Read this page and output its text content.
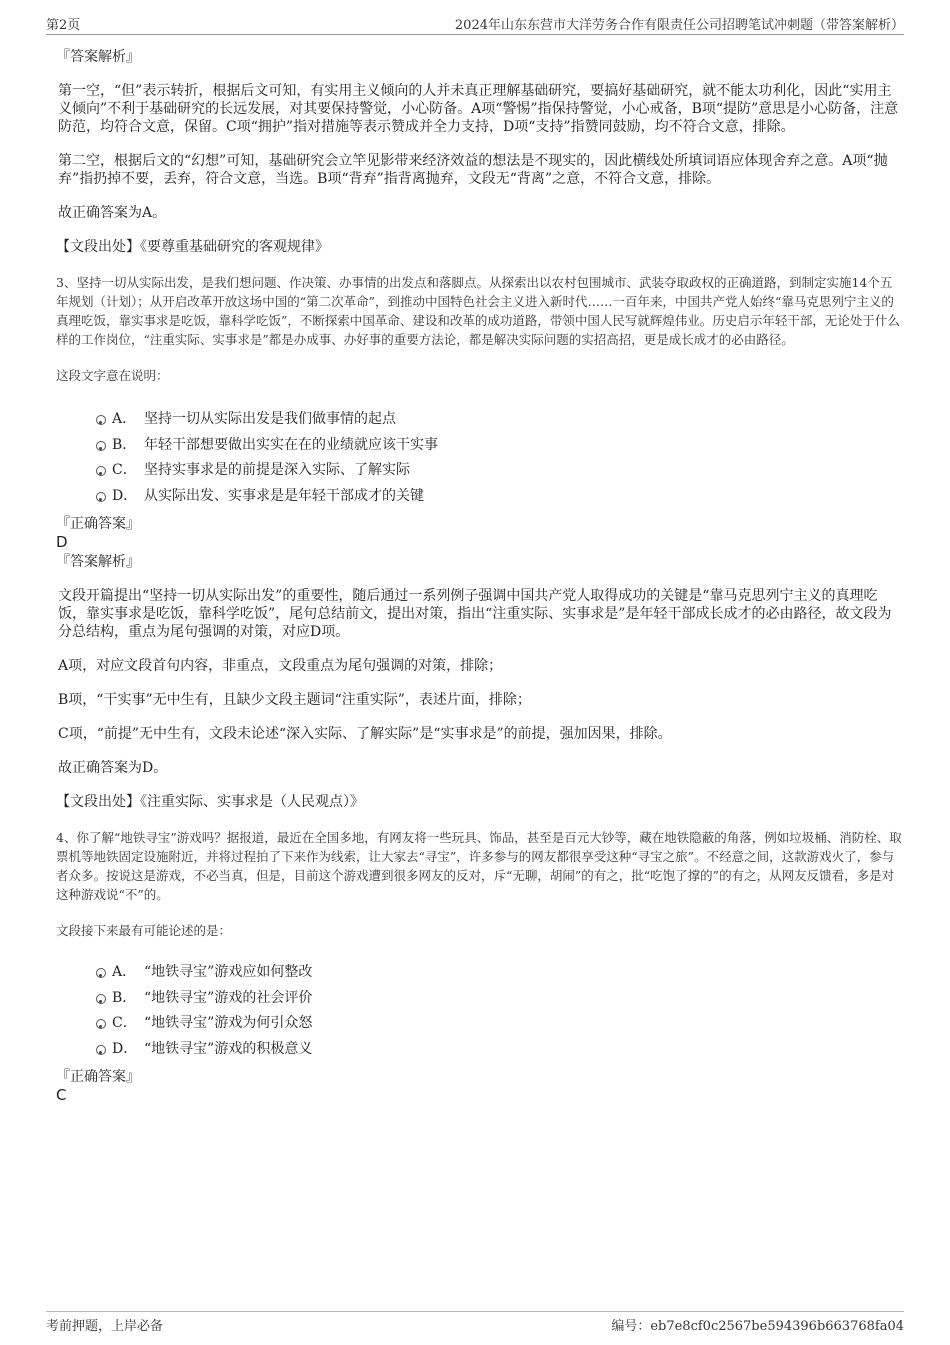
第2页	2024年山东东营市大洋劳务合作有限责任公司招聘笔试冲刺题（带答案解析）

『答案解析』

第一空，“但”表示转折，根据后文可知，有实用主义倾向的人并未真正理解基础研究，要搞好基础研究，就不能太功利化，因此“实用主义倾向”不利于基础研究的长远发展，对其要保持警觉，小心防备。A项“警惕”指保持警觉，小心戒备，B项“提防”意思是小心防备，注意防范，均符合文意，保留。C项“拥护”指对措施等表示赞成并全力支持，D项“支持”指赞同鼓励，均不符合文意，排除。

第二空，根据后文的“幻想”可知，基础研究会立竿见影带来经济效益的想法是不现实的，因此横线处所填词语应体现舍弃之意。A项“抛弃”指扔掉不要，丢弃，符合文意，当选。B项“背弃”指背离抛弃，文段无“背离”之意，不符合文意，排除。

故正确答案为A。

【文段出处】《要尊重基础研究的客观规律》

3、坚持一切从实际出发，是我们想问题、作决策、办事情的出发点和落脚点。从探索出以农村包围城市、武装夺取政权的正确道路，到制定实施14个五年规划（计划）；从开启改革开放这场中国的“第二次革命”，到推动中国特色社会主义进入新时代……一百年来，中国共产党人始终“靠马克思列宁主义的真理吃饭，靠实事求是吃饭，靠科学吃饭”，不断探索中国革命、建设和改革的成功道路，带领中国人民写就辉煌伟业。历史启示年轻干部，无论处于什么样的工作岗位，“注重实际、实事求是”都是办成事、办好事的重要方法论，都是解决实际问题的实招高招，更是成长成才的必由路径。

这段文字意在说明：

A． 坚持一切从实际出发是我们做事情的起点
B． 年轻干部想要做出实实在在的业绩就应该干实事
C． 坚持实事求是的前提是深入实际、了解实际
D． 从实际出发、实事求是是年轻干部成才的关键

『正确答案』

D

『答案解析』

文段开篇提出“坚持一切从实际出发”的重要性，随后通过一系列例子强调中国共产党人取得成功的关键是“靠马克思列宁主义的真理吃饭，靠实事求是吃饭，靠科学吃饭”，尾句总结前文，提出对策，指出“注重实际、实事求是”是年轻干部成长成才的必由路径，故文段为分总结构，重点为尾句强调的对策，对应D项。

A项，对应文段首句内容，非重点，文段重点为尾句强调的对策，排除；

B项，“干实事”无中生有，且缺少文段主题词“注重实际”，表述片面，排除；

C项，“前提”无中生有，文段未论述“深入实际、了解实际”是“实事求是”的前提，强加因果，排除。

故正确答案为D。

【文段出处】《注重实际、实事求是（人民观点）》

4、你了解“地铁寻宝”游戏吗？据报道，最近在全国多地，有网友将一些玩具、饰品，甚至是百元大钞等，藏在地铁隐蔽的角落，例如垃圾桶、消防栓、取票机等地铁固定设施附近，并将过程拍了下来作为线索，让大家去“寻宝”，许多参与的网友都很享受这种“寻宝之旅”。不经意之间，这款游戏火了，参与者众多。按说这是游戏，不必当真，但是，目前这个游戏遭到很多网友的反对，斥“无聊，胡闹”的有之，批“吃饱了撑的”的有之，从网友反馈看，多是对这种游戏说“不”的。

文段接下来最有可能论述的是：

A． “地铁寻宝”游戏应如何整改
B． “地铁寻宝”游戏的社会评价
C． “地铁寻宝”游戏为何引众怒
D． “地铁寻宝”游戏的积极意义

『正确答案』

C

考前押题，上岸必备	编号：eb7e8cf0c2567be594396b663768fa04
